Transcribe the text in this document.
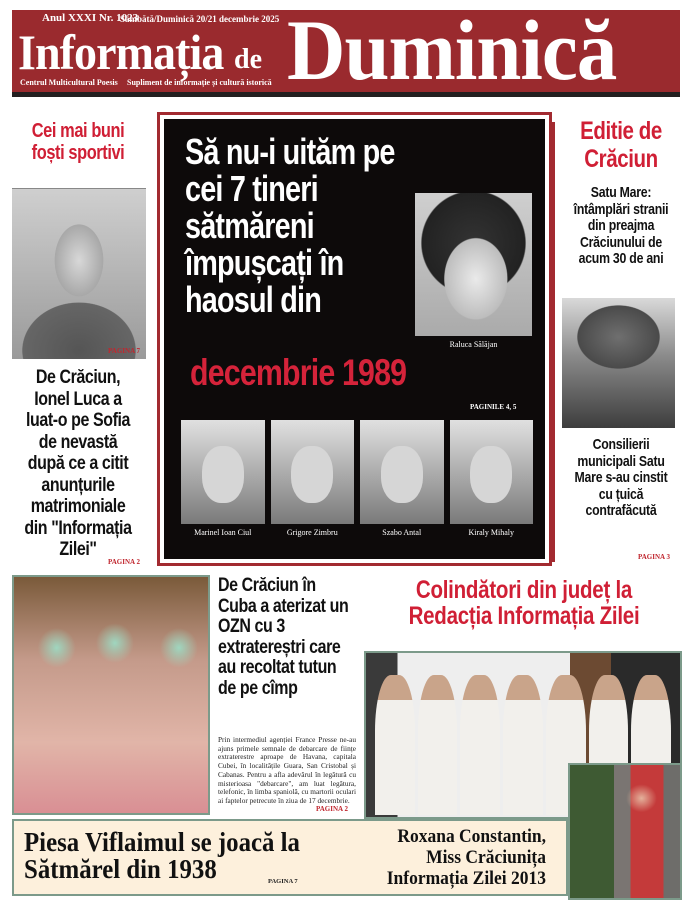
Anul XXXI Nr. 1023
Sâmbătă/Duminică 20/21 decembrie 2025
Informația de Duminică
Centrul Multicultural Poesis Supliment de informație și cultură istorică
Cei mai buni foști sportivi
PAGINA 7
De Crăciun, Ionel Luca a luat-o pe Sofia de nevastă după ce a citit anunțurile matrimoniale din "Informația Zilei"
PAGINA 2
Să nu-i uităm pe cei 7 tineri sătmăreni împușcați în haosul din
decembrie 1989
Raluca Sălăjan
PAGINILE 4, 5
Marinel Ioan Ciul	Grigore Zimbru	Szabo Antal	Kiraly Mihaly
Editie de Crăciun
Satu Mare: întâmplări stranii din preajma Crăciunului de acum 30 de ani
Consilierii municipali Satu Mare s-au cinstit cu țuică contrafăcută
PAGINA 3
De Crăciun în Cuba a aterizat un OZN cu 3 extratereștri care au recoltat tutun de pe cîmp
Prin intermediul agenției France Presse ne-au ajuns primele semnale de debarcare de ființe extraterestre aproape de Havana, capitala Cubei, în localitățile Guara, San Cristobal și Cabanas. Pentru a afla adevărul în legătură cu misterioasa "debarcare", am luat legătura, telefonic, în limba spaniolă, cu martorii oculari ai faptelor petrecute în ziua de 17 decembrie.
PAGINA 2
Colindători din județ la Redacția Informația Zilei
Piesa Viflaimul se joacă la
Sătmărel din 1938	PAGINA 7
Roxana Constantin,
Miss Crăciunița
Informația Zilei 2013
